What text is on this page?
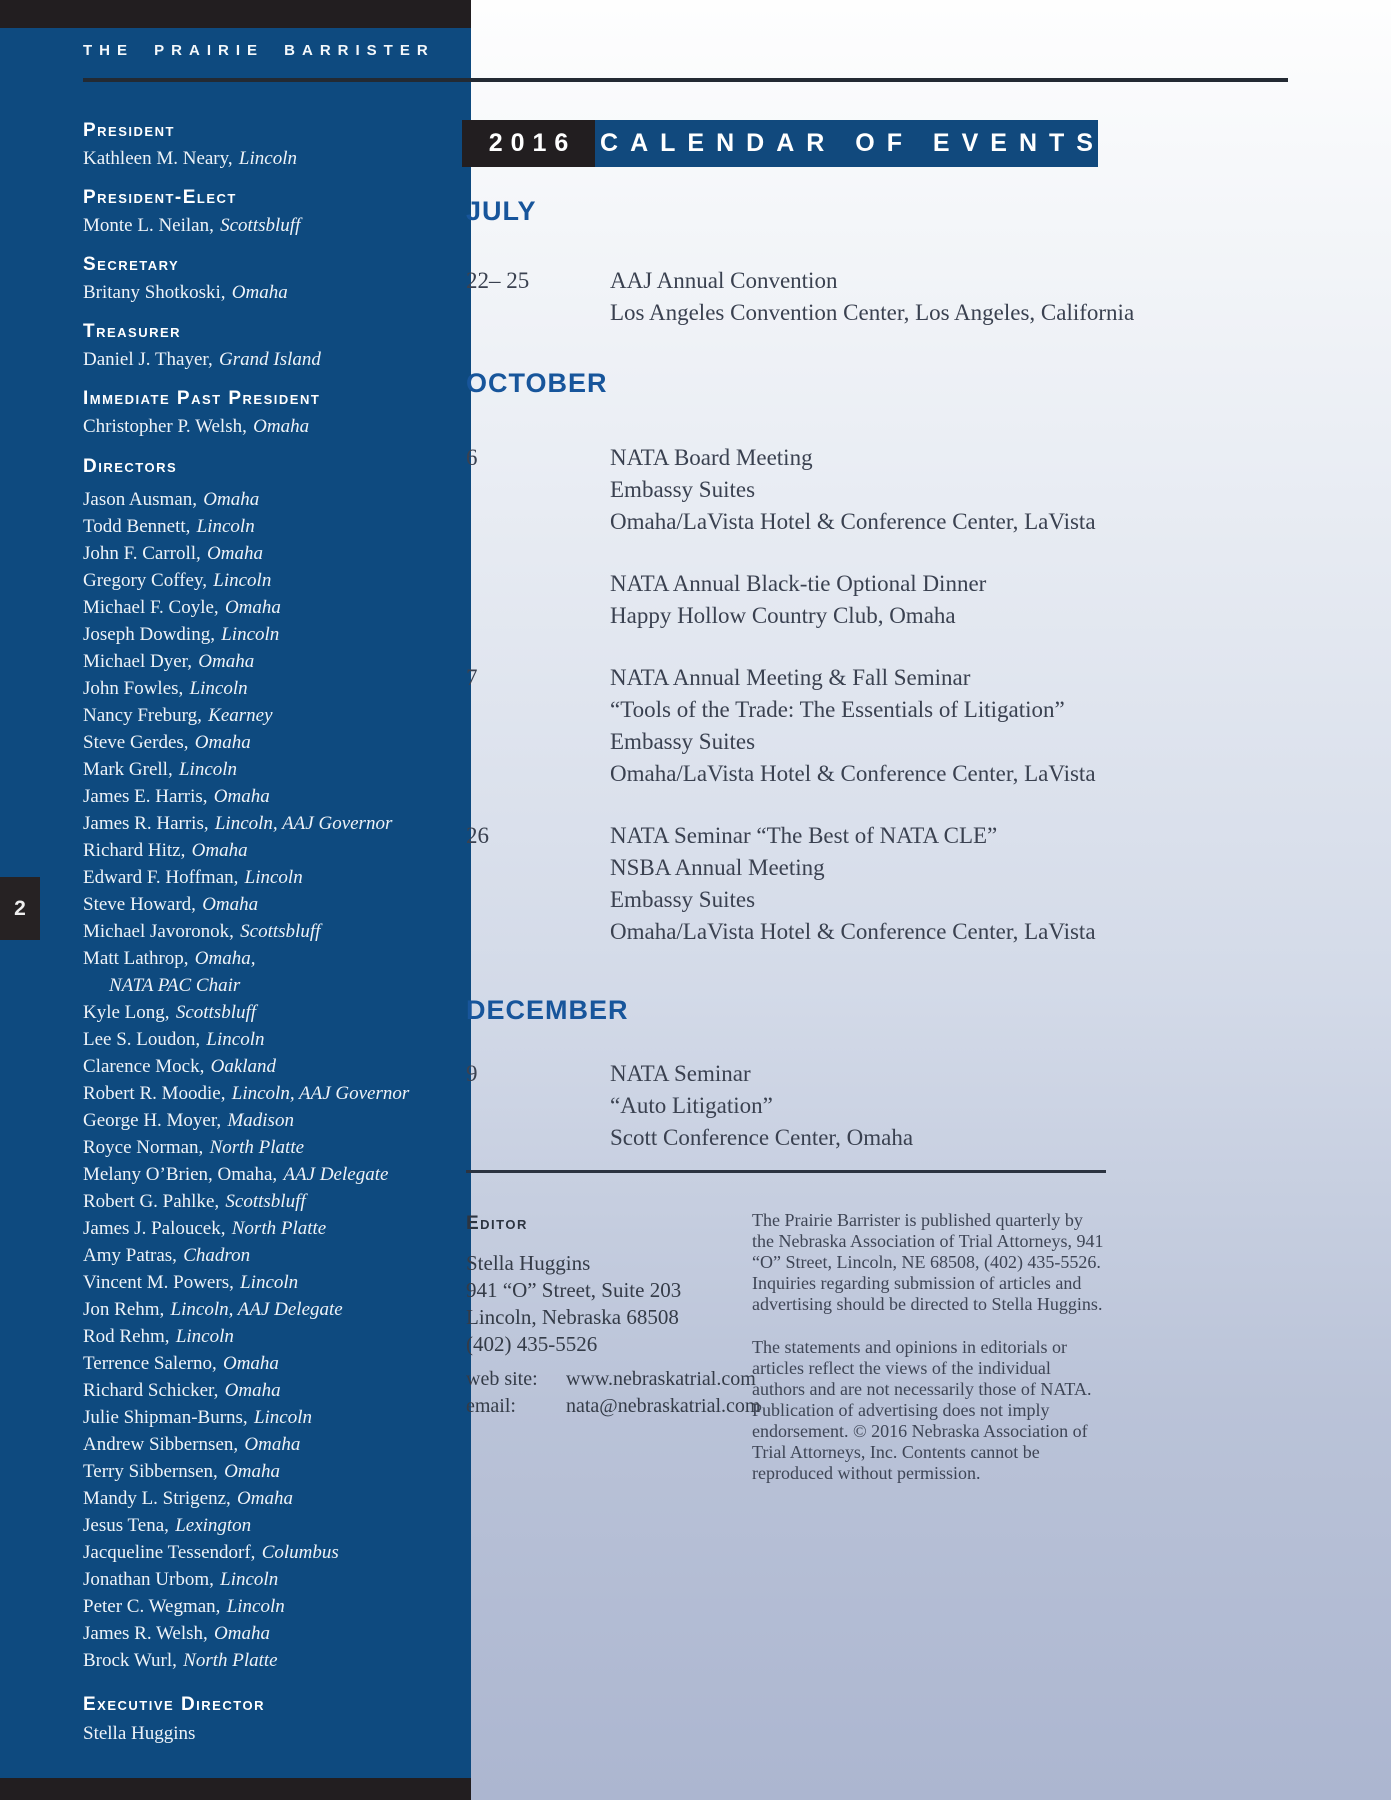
THE PRAIRIE BARRISTER
2
President
Kathleen M. Neary, Lincoln
President-Elect
Monte L. Neilan, Scottsbluff
Secretary
Britany Shotkoski, Omaha
Treasurer
Daniel J. Thayer, Grand Island
Immediate Past President
Christopher P. Welsh, Omaha
Directors
Jason Ausman, Omaha
Todd Bennett, Lincoln
John F. Carroll, Omaha
Gregory Coffey, Lincoln
Michael F. Coyle, Omaha
Joseph Dowding, Lincoln
Michael Dyer, Omaha
John Fowles, Lincoln
Nancy Freburg, Kearney
Steve Gerdes, Omaha
Mark Grell, Lincoln
James E. Harris, Omaha
James R. Harris, Lincoln, AAJ Governor
Richard Hitz, Omaha
Edward F. Hoffman, Lincoln
Steve Howard, Omaha
Michael Javoronok, Scottsbluff
Matt Lathrop, Omaha,
NATA PAC Chair
Kyle Long, Scottsbluff
Lee S. Loudon, Lincoln
Clarence Mock, Oakland
Robert R. Moodie, Lincoln, AAJ Governor
George H. Moyer, Madison
Royce Norman, North Platte
Melany O’Brien, Omaha, AAJ Delegate
Robert G. Pahlke, Scottsbluff
James J. Paloucek, North Platte
Amy Patras, Chadron
Vincent M. Powers, Lincoln
Jon Rehm, Lincoln, AAJ Delegate
Rod Rehm, Lincoln
Terrence Salerno, Omaha
Richard Schicker, Omaha
Julie Shipman-Burns, Lincoln
Andrew Sibbernsen, Omaha
Terry Sibbernsen, Omaha
Mandy L. Strigenz, Omaha
Jesus Tena, Lexington
Jacqueline Tessendorf, Columbus
Jonathan Urbom, Lincoln
Peter C. Wegman, Lincoln
James R. Welsh, Omaha
Brock Wurl, North Platte
Executive Director
Stella Huggins
2016 CALENDAR OF EVENTS
JULY
22– 25	AAJ Annual Convention
Los Angeles Convention Center, Los Angeles, California
OCTOBER
6	NATA Board Meeting
Embassy Suites
Omaha/LaVista Hotel & Conference Center, LaVista
NATA Annual Black-tie Optional Dinner
Happy Hollow Country Club, Omaha
7	NATA Annual Meeting & Fall Seminar
“Tools of the Trade: The Essentials of Litigation”
Embassy Suites
Omaha/LaVista Hotel & Conference Center, LaVista
26	NATA Seminar “The Best of NATA CLE”
NSBA Annual Meeting
Embassy Suites
Omaha/LaVista Hotel & Conference Center, LaVista
DECEMBER
9	NATA Seminar
“Auto Litigation”
Scott Conference Center, Omaha
Editor
Stella Huggins
941 “O” Street, Suite 203
Lincoln, Nebraska 68508
(402) 435-5526
web site: www.nebraskatrial.com
email:	nata@nebraskatrial.com

The Prairie Barrister is published quarterly by the Nebraska Association of Trial Attorneys, 941 “O” Street, Lincoln, NE 68508, (402) 435-5526. Inquiries regarding submission of articles and advertising should be directed to Stella Huggins.

The statements and opinions in editorials or articles reflect the views of the individual authors and are not necessarily those of NATA. Publication of advertising does not imply endorsement. © 2016 Nebraska Association of Trial Attorneys, Inc. Contents cannot be reproduced without permission.
